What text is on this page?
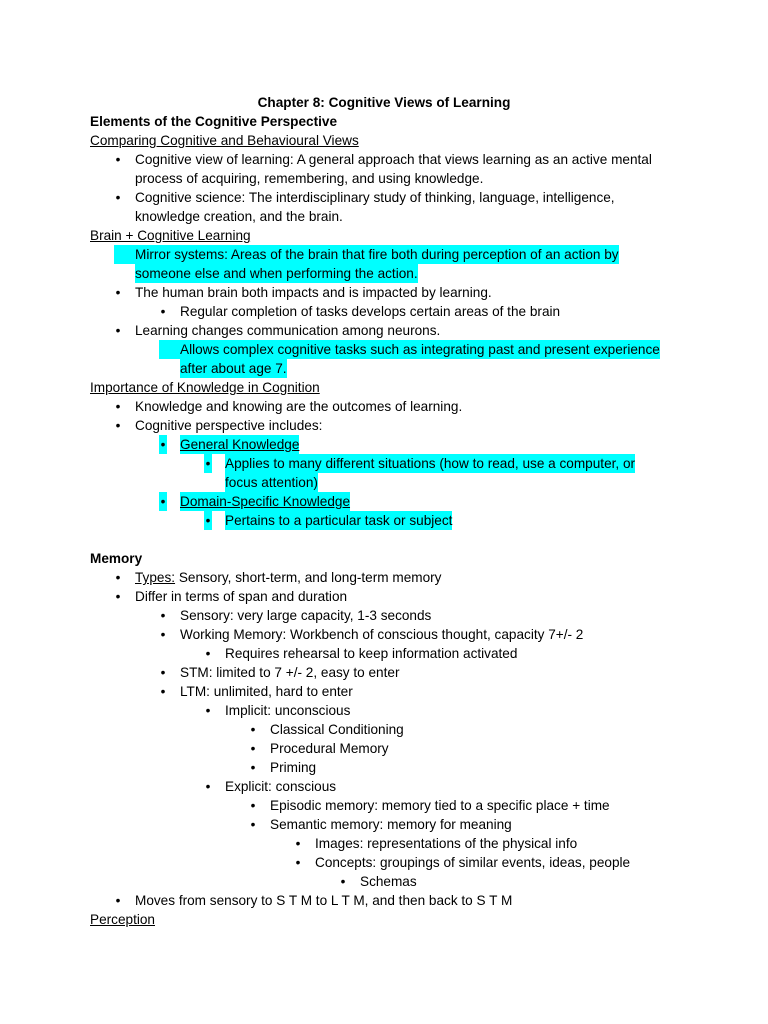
Chapter 8: Cognitive Views of Learning
Elements of the Cognitive Perspective
Comparing Cognitive and Behavioural Views
• Cognitive view of learning: A general approach that views learning as an active mental
process of acquiring, remembering, and using knowledge.
• Cognitive science: The interdisciplinary study of thinking, language, intelligence,
knowledge creation, and the brain.
Brain + Cognitive Learning
Mirror systems: Areas of the brain that fire both during perception of an action by
someone else and when performing the action.
• The human brain both impacts and is impacted by learning.
• Regular completion of tasks develops certain areas of the brain
• Learning changes communication among neurons.
Allows complex cognitive tasks such as integrating past and present experience
after about age 7.
Importance of Knowledge in Cognition
• Knowledge and knowing are the outcomes of learning.
• Cognitive perspective includes:
• General Knowledge
• Applies to many different situations (how to read, use a computer, or
focus attention)
• Domain-Specific Knowledge
• Pertains to a particular task or subject
Memory
• Types: Sensory, short-term, and long-term memory
• Differ in terms of span and duration
• Sensory: very large capacity, 1-3 seconds
• Working Memory: Workbench of conscious thought, capacity 7+/- 2
• Requires rehearsal to keep information activated
• STM: limited to 7 +/- 2, easy to enter
• LTM: unlimited, hard to enter
• Implicit: unconscious
• Classical Conditioning
• Procedural Memory
• Priming
• Explicit: conscious
• Episodic memory: memory tied to a specific place + time
• Semantic memory: memory for meaning
• Images: representations of the physical info
• Concepts: groupings of similar events, ideas, people
• Schemas
• Moves from sensory to S T M to L T M, and then back to S T M
Perception
